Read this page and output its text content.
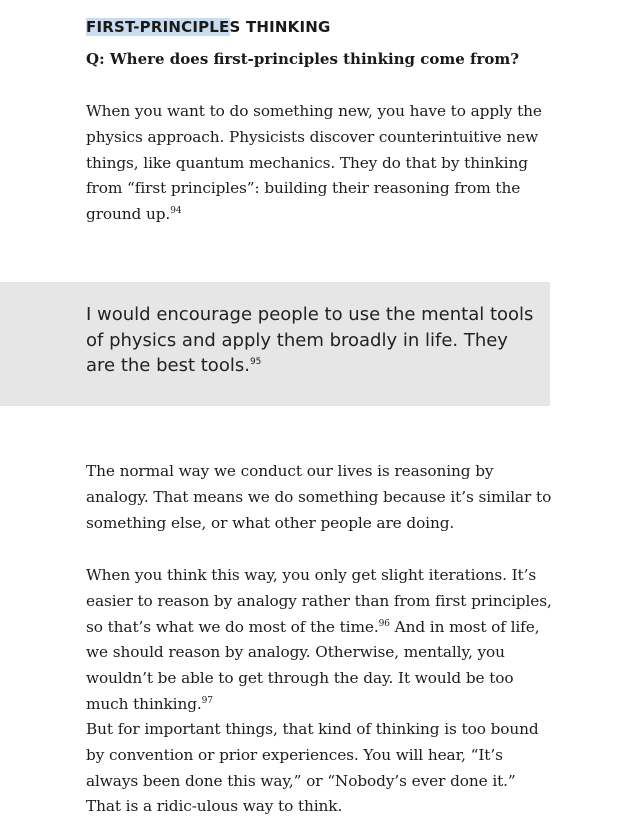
FIRST-PRINCIPLES THINKING
Q: Where does first-principles thinking come from?

When you want to do something new, you have to apply the physics approach. Physicists discover counterintuitive new things, like quantum mechanics. They do that by thinking from “first principles”: building their reasoning from the ground up.$^{94}$

I would encourage people to use the mental tools of physics and apply them broadly in life. They are the best tools.$^{95}$

The normal way we conduct our lives is reasoning by analogy. That means we do something because it’s similar to something else, or what other people are doing.

When you think this way, you only get slight iterations. It’s easier to reason by analogy rather than from first principles, so that’s what we do most of the time.$^{96}$ And in most of life, we should reason by analogy. Otherwise, mentally, you wouldn’t be able to get through the day. It would be too much thinking.$^{97}$

But for important things, that kind of thinking is too bound by convention or prior experiences. You will hear, “It’s always been done this way,” or “Nobody’s ever done it.” That is a ridic-ulous way to think.
